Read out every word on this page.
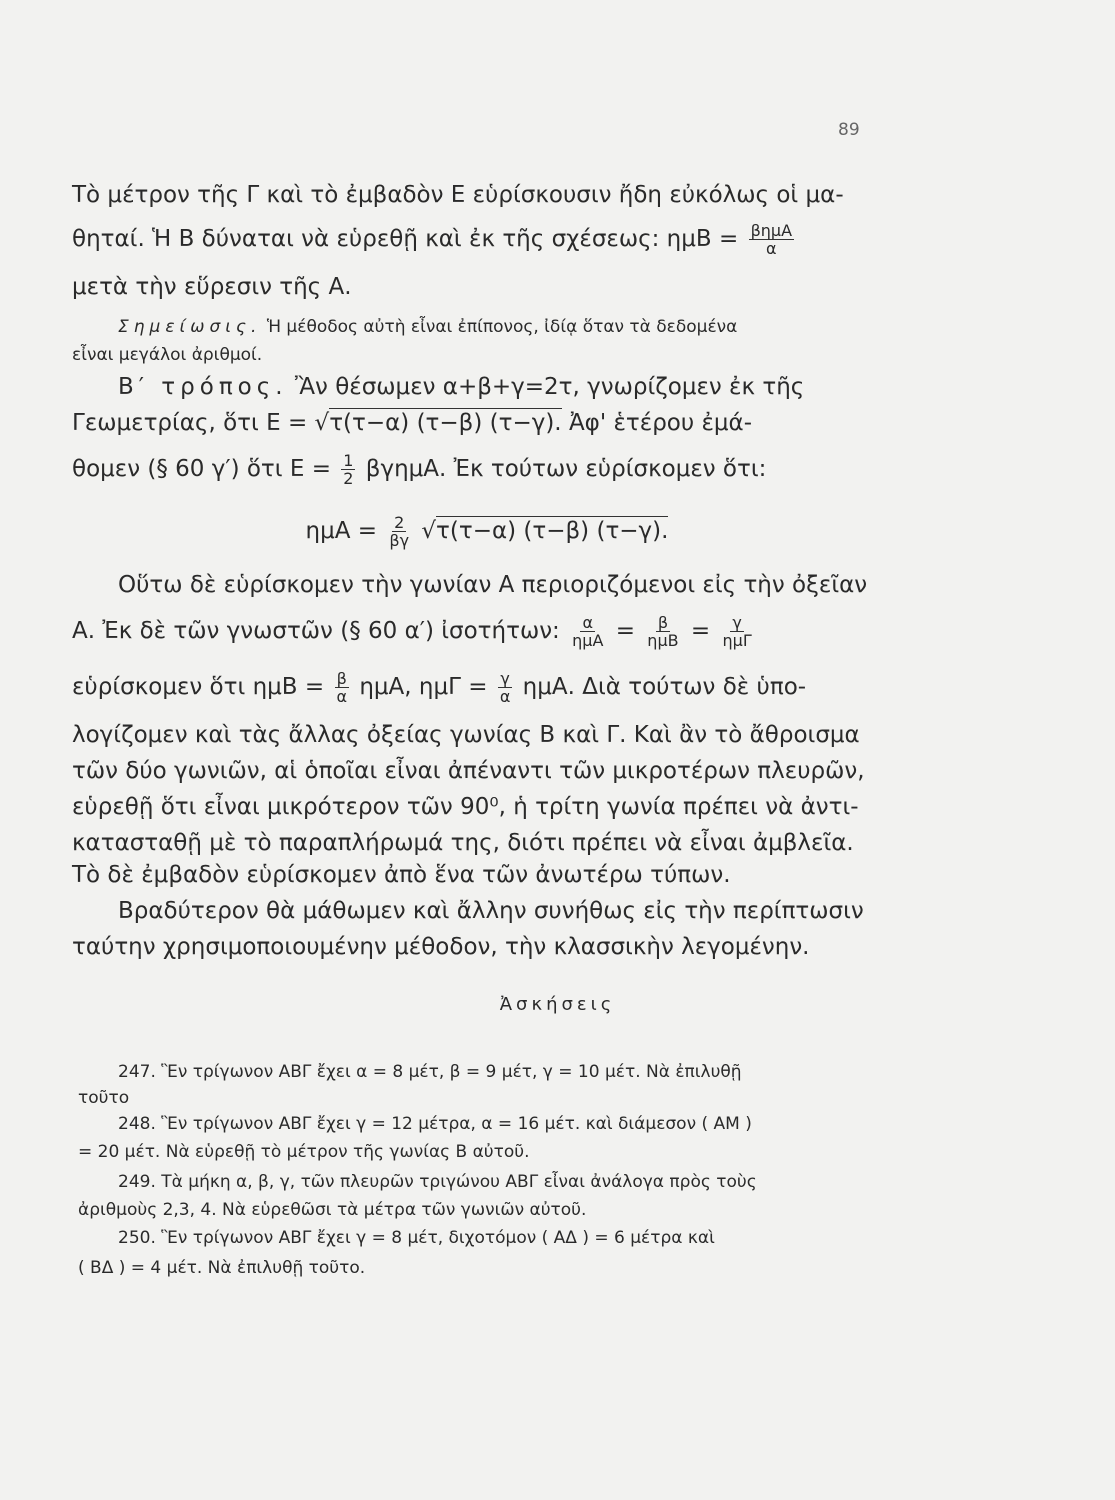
89
Τὸ μέτρον τῆς Γ καὶ τὸ ἐμβαδὸν Ε εὑρίσκουσιν ἤδη εὐκόλως οἱ μα-
θηταί. Ἡ Β δύναται νὰ εὑρεθῇ καὶ ἐκ τῆς σχέσεως: $\eta\mu B = \frac{\text{βημΑ}}{\alpha}$
μετὰ τὴν εὕρεσιν τῆς Α.
Σημείωσις. Ἡ μέθοδος αὐτὴ εἶναι ἐπίπονος, ἰδίᾳ ὅταν τὰ δεδομένα
εἶναι μεγάλοι ἀριθμοί.
Β′ τρόπος. Ἂν θέσωμεν α+β+γ=2τ, γνωρίζομεν ἐκ τῆς
Γεωμετρίας, ὅτι Ε = √τ(τ−α) (τ−β) (τ−γ). Ἀφ' ἑτέρου ἐμά-
θομεν (§ 60 γ′) ὅτι $E = \frac{1}{2} \beta\gamma\eta\mu A$. Ἐκ τούτων εὑρίσκομεν ὅτι:
$\eta\mu A = \frac{2}{\beta\gamma} √\tau(\tau-\alpha)$ (τ−β) (τ−γ).
Οὕτω δὲ εὑρίσκομεν τὴν γωνίαν Α περιοριζόμενοι εἰς τὴν ὀξεῖαν
Α. Ἐκ δὲ τῶν γνωστῶν (§ 60 α′) ἰσοτήτων: $\frac{\alpha}{\text{ημΑ}} = \frac{\beta}{\text{ημΒ}} = \frac{\gamma}{\text{ημΓ}}$
εὑρίσκομεν ὅτι $\eta\mu B = \frac{\beta}{\alpha} \eta\mu A$, $\eta\mu\Gamma = \frac{\gamma}{\alpha} \eta\mu A$. Διὰ τούτων δὲ ὑπο-
λογίζομεν καὶ τὰς ἄλλας ὀξείας γωνίας Β καὶ Γ. Καὶ ἂν τὸ ἄθροισμα
τῶν δύο γωνιῶν, αἱ ὁποῖαι εἶναι ἀπέναντι τῶν μικροτέρων πλευρῶν,
εὑρεθῇ ὅτι εἶναι μικρότερον τῶν 90⁰, ἡ τρίτη γωνία πρέπει νὰ ἀντι-
κατασταθῇ μὲ τὸ παραπλήρωμά της, διότι πρέπει νὰ εἶναι ἀμβλεῖα.
Τὸ δὲ ἐμβαδὸν εὑρίσκομεν ἀπὸ ἕνα τῶν ἀνωτέρω τύπων.
Βραδύτερον θὰ μάθωμεν καὶ ἄλλην συνήθως εἰς τὴν περίπτωσιν
ταύτην χρησιμοποιουμένην μέθοδον, τὴν κλασσικὴν λεγομένην.
Ἀσκήσεις
247. Ἓν τρίγωνον ΑΒΓ ἔχει α = 8 μέτ, β = 9 μέτ, γ = 10 μέτ. Νὰ ἐπιλυθῇ
τοῦτο
248. Ἓν τρίγωνον ΑΒΓ ἔχει γ = 12 μέτρα, α = 16 μέτ. καὶ διάμεσον ( ΑΜ )
= 20 μέτ. Νὰ εὑρεθῇ τὸ μέτρον τῆς γωνίας Β αὐτοῦ.
249. Τὰ μήκη α, β, γ, τῶν πλευρῶν τριγώνου ΑΒΓ εἶναι ἀνάλογα πρὸς τοὺς
ἀριθμοὺς 2,3, 4. Νὰ εὑρεθῶσι τὰ μέτρα τῶν γωνιῶν αὐτοῦ.
250. Ἓν τρίγωνον ΑΒΓ ἔχει γ = 8 μέτ, διχοτόμον ( ΑΔ ) = 6 μέτρα καὶ
( ΒΔ ) = 4 μέτ. Νὰ ἐπιλυθῇ τοῦτο.
